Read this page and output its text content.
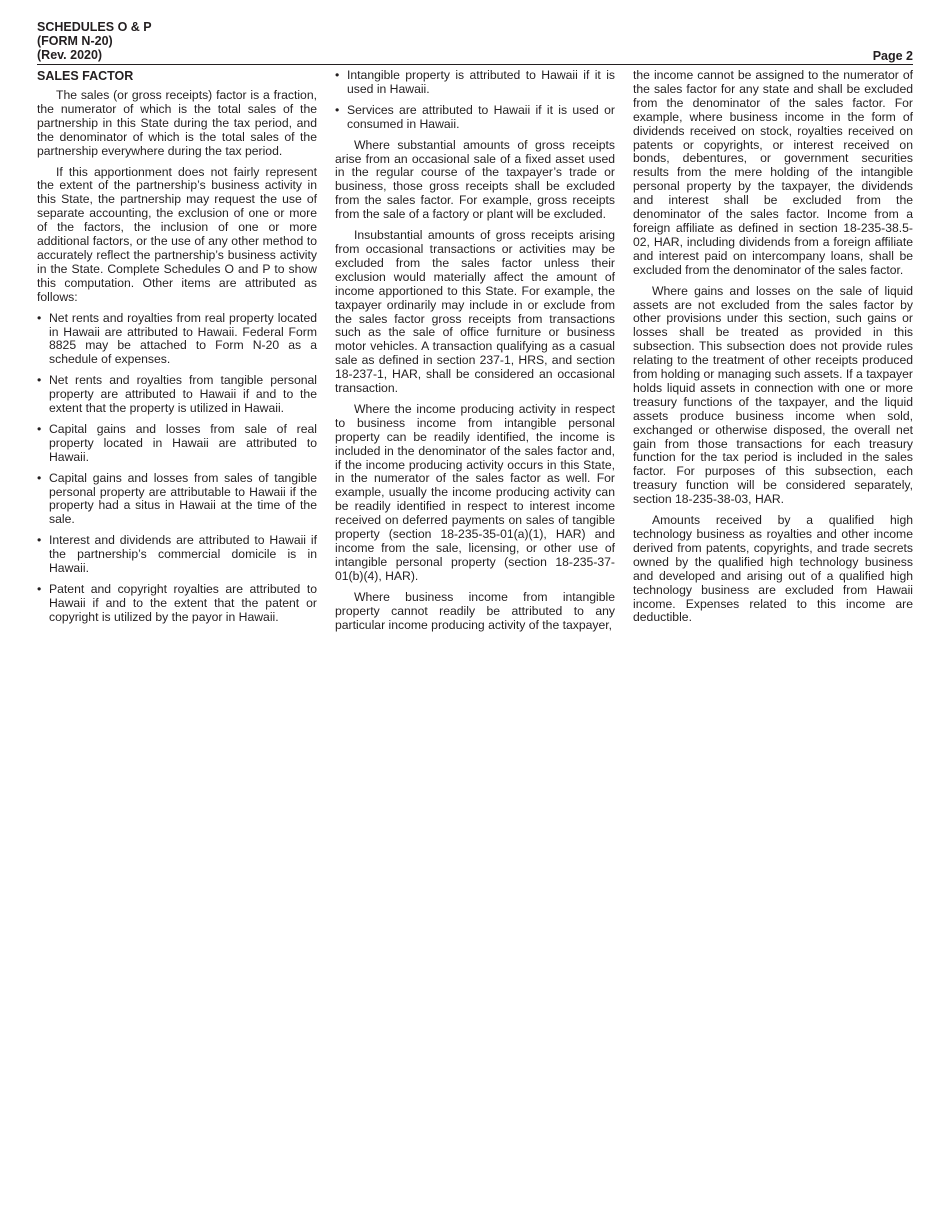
SCHEDULES O & P
(FORM N-20)
(Rev. 2020)	Page 2
SALES FACTOR

The sales (or gross receipts) factor is a fraction, the numerator of which is the total sales of the partnership in this State during the tax period, and the denominator of which is the total sales of the partnership everywhere during the tax period.

If this apportionment does not fairly represent the extent of the partnership’s business activity in this State, the partnership may request the use of separate accounting, the exclusion of one or more of the factors, the inclusion of one or more additional factors, or the use of any other method to accurately reflect the partnership’s business activity in the State. Complete Schedules O and P to show this computation. Other items are attributed as follows:

• Net rents and royalties from real property located in Hawaii are attributed to Hawaii. Federal Form 8825 may be attached to Form N-20 as a schedule of expenses.
• Net rents and royalties from tangible personal property are attributed to Hawaii if and to the extent that the property is utilized in Hawaii.
• Capital gains and losses from sale of real property located in Hawaii are attributed to Hawaii.
• Capital gains and losses from sales of tangible personal property are attributable to Hawaii if the property had a situs in Hawaii at the time of the sale.
• Interest and dividends are attributed to Hawaii if the partnership’s commercial domicile is in Hawaii.
• Patent and copyright royalties are attributed to Hawaii if and to the extent that the patent or copyright is utilized by the payor in Hawaii.
• Intangible property is attributed to Hawaii if it is used in Hawaii.
• Services are attributed to Hawaii if it is used or consumed in Hawaii.

Where substantial amounts of gross receipts arise from an occasional sale of a fixed asset used in the regular course of the taxpayer’s trade or business, those gross receipts shall be excluded from the sales factor. For example, gross receipts from the sale of a factory or plant will be excluded.

Insubstantial amounts of gross receipts arising from occasional transactions or activities may be excluded from the sales factor unless their exclusion would materially affect the amount of income apportioned to this State. For example, the taxpayer ordinarily may include in or exclude from the sales factor gross receipts from transactions such as the sale of office furniture or business motor vehicles. A transaction qualifying as a casual sale as defined in section 237-1, HRS, and section 18-237-1, HAR, shall be considered an occasional transaction.

Where the income producing activity in respect to business income from intangible personal property can be readily identified, the income is included in the denominator of the sales factor and, if the income producing activity occurs in this State, in the numerator of the sales factor as well. For example, usually the income producing activity can be readily identified in respect to interest income received on deferred payments on sales of tangible property (section 18-235-35-01(a)(1), HAR) and income from the sale, licensing, or other use of intangible personal property (section 18-235-37-01(b)(4), HAR).

Where business income from intangible property cannot readily be attributed to any particular income producing activity of the taxpayer,

the income cannot be assigned to the numerator of the sales factor for any state and shall be excluded from the denominator of the sales factor. For example, where business income in the form of dividends received on stock, royalties received on patents or copyrights, or interest received on bonds, debentures, or government securities results from the mere holding of the intangible personal property by the taxpayer, the dividends and interest shall be excluded from the denominator of the sales factor. Income from a foreign affiliate as defined in section 18-235-38.5-02, HAR, including dividends from a foreign affiliate and interest paid on intercompany loans, shall be excluded from the denominator of the sales factor.

Where gains and losses on the sale of liquid assets are not excluded from the sales factor by other provisions under this section, such gains or losses shall be treated as provided in this subsection. This subsection does not provide rules relating to the treatment of other receipts produced from holding or managing such assets. If a taxpayer holds liquid assets in connection with one or more treasury functions of the taxpayer, and the liquid assets produce business income when sold, exchanged or otherwise disposed, the overall net gain from those transactions for each treasury function for the tax period is included in the sales factor. For purposes of this subsection, each treasury function will be considered separately, section 18-235-38-03, HAR.

Amounts received by a qualified high technology business as royalties and other income derived from patents, copyrights, and trade secrets owned by the qualified high technology business and developed and arising out of a qualified high technology business are excluded from Hawaii income. Expenses related to this income are deductible.
